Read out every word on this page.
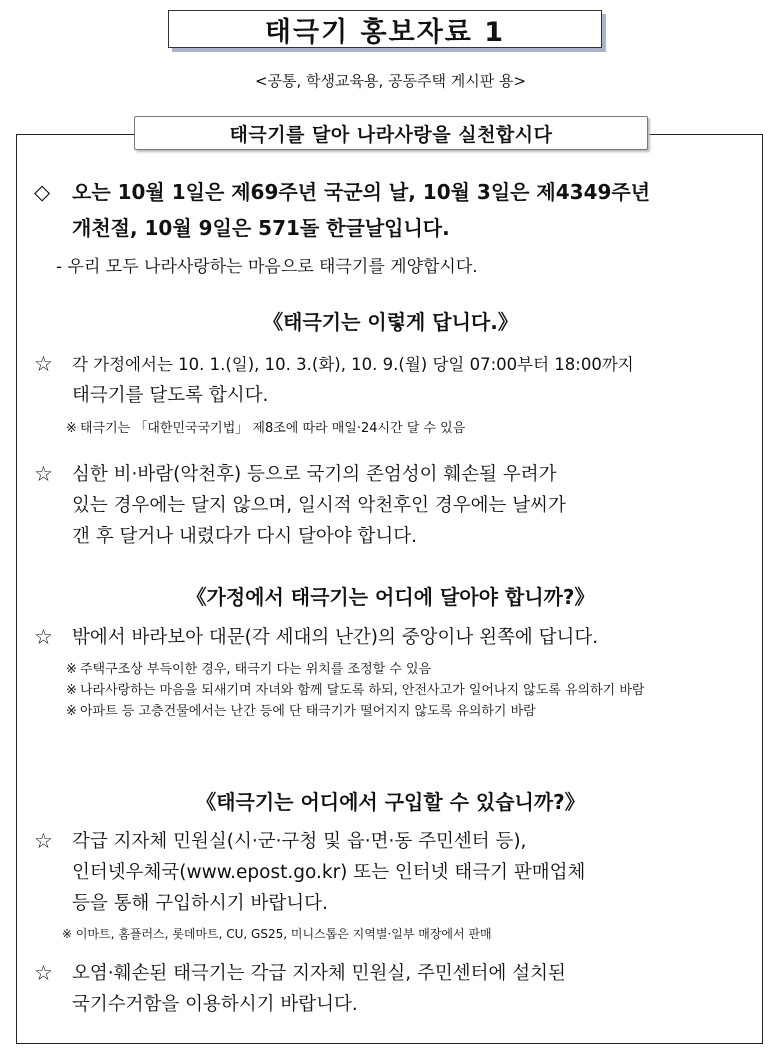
태극기 홍보자료 1
<공통, 학생교육용, 공동주택 게시판 용>
태극기를 달아 나라사랑을 실천합시다
◇	오는 10월 1일은 제69주년 국군의 날, 10월 3일은 제4349주년
개천절, 10월 9일은 571돌 한글날입니다.
- 우리 모두 나라사랑하는 마음으로 태극기를 게양합시다.
《태극기는 이렇게 답니다.》
☆	각 가정에서는 10. 1.(일), 10. 3.(화), 10. 9.(월) 당일 07:00부터 18:00까지
태극기를 달도록 합시다.
※ 태극기는 「대한민국국기법」 제8조에 따라 매일·24시간 달 수 있음
☆	심한 비·바람(악천후) 등으로 국기의 존엄성이 훼손될 우려가
있는 경우에는 달지 않으며, 일시적 악천후인 경우에는 날씨가
갠 후 달거나 내렸다가 다시 달아야 합니다.
《가정에서 태극기는 어디에 달아야 합니까?》
☆	밖에서 바라보아 대문(각 세대의 난간)의 중앙이나 왼쪽에 답니다.
※ 주택구조상 부득이한 경우, 태극기 다는 위치를 조정할 수 있음
※ 나라사랑하는 마음을 되새기며 자녀와 함께 달도록 하되, 안전사고가 일어나지 않도록 유의하기 바람
※ 아파트 등 고층건물에서는 난간 등에 단 태극기가 떨어지지 않도록 유의하기 바람
《태극기는 어디에서 구입할 수 있습니까?》
☆	각급 지자체 민원실(시·군·구청 및 읍·면·동 주민센터 등),
인터넷우체국(www.epost.go.kr) 또는 인터넷 태극기 판매업체
등을 통해 구입하시기 바랍니다.
※ 이마트, 홈플러스, 롯데마트, CU, GS25, 미니스톱은 지역별·일부 매장에서 판매
☆	오염·훼손된 태극기는 각급 지자체 민원실, 주민센터에 설치된
국기수거함을 이용하시기 바랍니다.
